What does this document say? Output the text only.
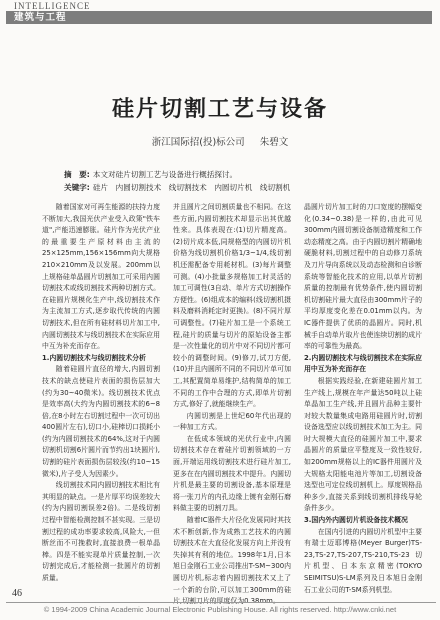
INTELLIGENCE
建筑与工程
硅片切割工艺与设备
浙江国际招(投)标公司 朱碧文
摘　要: 本文对硅片切割工艺与设备进行概括探讨。
关键字: 硅片　内圆切割技术　线切割技术　内圆切片机　线切割机

随着国家对可再生能源的扶持力度不断加大,我国光伏产业受入政策"铁车道",产能迅速膨胀。硅片作为光伏产业的最重要生产原材料由主流的25×125mm,156×156mm向大规格210×210mm及以发展。200mm以上规格硅单晶圆片切割加工可采用内圆切割技术或线切割技术两种切割方式。在硅圆片规模化生产中,线切割技术作为主流加工方式,逐步取代传统的内圆切割技术,但在所有硅材料切片加工中,内圆切割技术与线切割技术在实际应用中互为补充而存在。

1.内圆切割技术与线切割技术分析

随着硅圆片直径的增大,内圆切割技术的缺点使硅片表面的损伤层加大(约为30~40微米)。线切割技术优点是效率高(大约为内圆切割技术的6~8倍,在8小时左右切割过程中一次可切出400圆片左右),切口小,硅棒切口损耗小(约为内圆切割技术的64%,这对于内圆切割机切割6片圆片而节约出1块圆片),切割的硅片表面损伤层较浅(约10~15微米),片子受人为因素少。

线切割技术同内圆切割技术相比有其明显的缺点。一是片厚平均误差较大(约为内圆切割误差2倍)。二是线切割过程中智能检测控制不甚实现。三是切割过程的成功率要求较高,风险大,一但断丝而不可挽救时,直接浪费一根单晶棒。四是不能实现单片质量控制,一次切割完成后,才能检测一批圆片的切割质量。

并且圆片之间切割质量也不相同。在这些方面,内圆切割技术却显示出其优越性来。具体表现在:(1)切片精度高。(2)切片成本低,同规格型的内圆切片机价格为线切割机价格1/3~1/4,线切割机还需配备专用耗材机。(3)每片调整可测。(4)小批量多规格加工时灵活的加工可调性(3自动、单片方式切割操作方便性。(6)组成本的编料(线切割机摄料及磨料消耗定时更换)。(8)不同片厚可调整性。(7)硅片加工是一个系统工程,硅片的质量与切片的原始设备主都是一次性量化的切片中对不同切片都可较小的调整时间。(9)修刀,试刀方便,(10)并且内圆所不同的不同切片单可加工,其配置简单易维护,结构简单的加工不同的工作中合理的方式,即单片切割方式,修好了,就能继续生产。

内圆切割是上世纪60年代出现的一种加工方式。

在低成本领域的光伏行业中,内圆切割技术存在着硅片切割领域的一方面,开端运用线切割技术进行硅片加工,更多在在内圆切割技术中提升。内圆切片机是最主要的切割设备,基本原理是将一张刀片的内孔边缘上镀有金刚石磨料做主要的切割刀具。

随着IC器件大片径化发展同时其技术不断创新,作为成熟工艺技术的内圆切割技术在大直径化发展方向上并没有失掉其有利的地位。1998年1月,日本旭日金刚石工业公司推出T-SM~300内圆切片机,标志着内圆切割技术又上了一个新的台阶,可以加工300mm的硅

晶圆片切片加工时的刀口宽度的摆幅变化(0.34~0.38)是一样的,由此可见300mm内圆切割设备制造精度和工作动态精度之高。由于内圆切割片精确地硬脆材料,切割过程中的自动修刀系统及刀片导向系统以及动态检测和自诊断系统等智能化技术的应用,以单片切割质量的控制最有优势条件,使内圆切割机切割硅片最大直径由300mm片子的平均厚度变化差在0.01mm以内。为IC器件提供了优质的晶圆片。同时,机械手自动单片取片也使连续切割的成片率的可靠性为最高。

2.内圆切割技术与线切割技术在实际应用中互为补充而存在

根据实践经验,在新建硅圆片加工生产线上,规模在年产量达50吨以上硅单晶加工生产线,并且圆片品种主要针对较大数量集成电路用硅圆片时,切割设备选型应以线切割技术加工为主。同时大规模大直径的硅圆片加工中,要求晶圆片的质量应平整度及一致性较好,如200mm规格以上的IC器件用圆片及大规格太阳能电池片等加工,切割设备选型也可定位线切割机上。厚度规格品种多少,直接关系到线切割机排线导轮条件多少。

3.国内外内圆切片机设备技术概况

在国内引进的内圆切片机型中主要有瑞士迈耶博格(Meyer Burger)TS-23,TS-27,TS-207,TS-210,TS-23切片机型、日本东京精密(TOKYO SEIMITSU)S-LM系列及日本旭日金刚石工业公司的T-SM系列机型。

46
© 1994-2009 China Academic Journal Electronic Publishing House. All rights reserved. http://www.cnki.net
